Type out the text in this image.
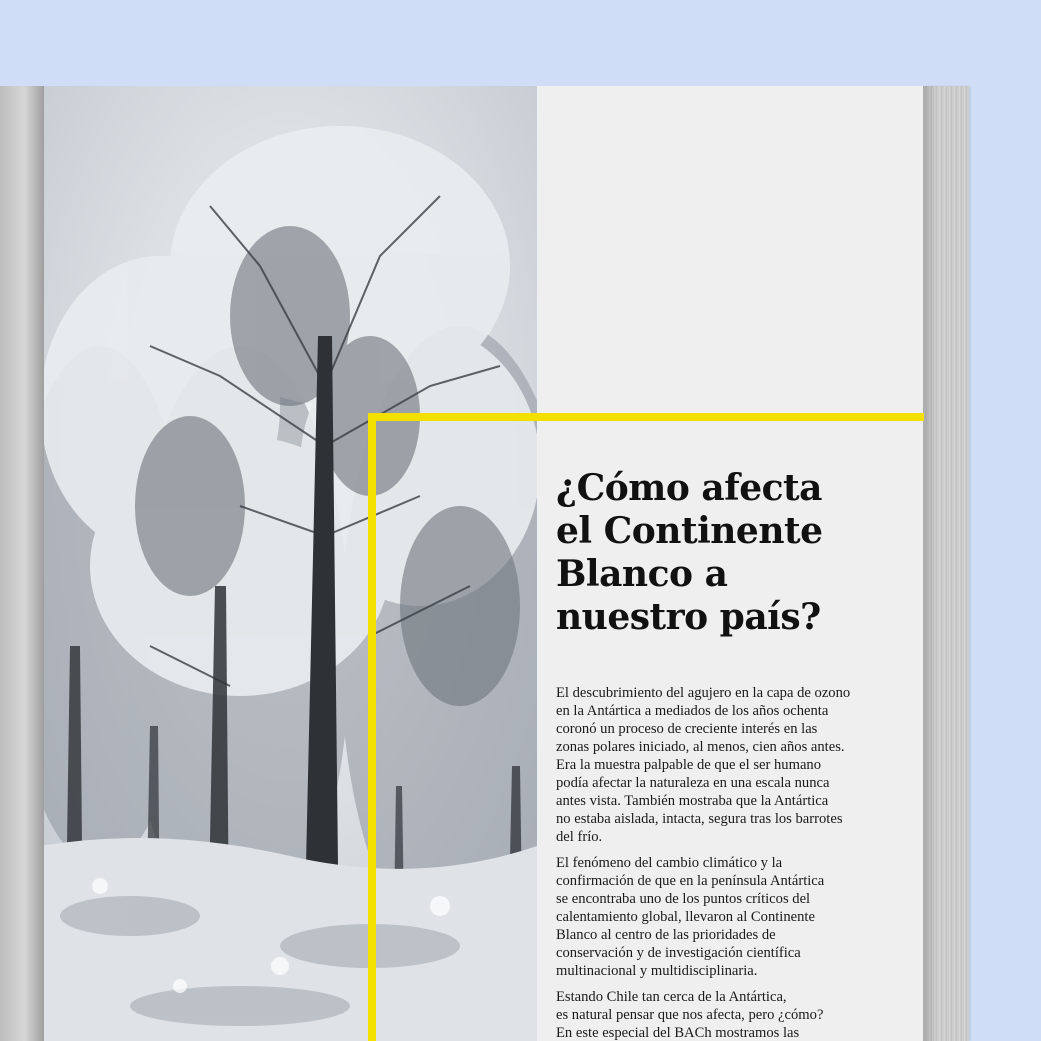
¿Cómo afecta
el Continente
Blanco a
nuestro país?

El descubrimiento del agujero en la capa de ozono
en la Antártica a mediados de los años ochenta
coronó un proceso de creciente interés en las
zonas polares iniciado, al menos, cien años antes.
Era la muestra palpable de que el ser humano
podía afectar la naturaleza en una escala nunca
antes vista. También mostraba que la Antártica
no estaba aislada, intacta, segura tras los barrotes
del frío.

El fenómeno del cambio climático y la
confirmación de que en la península Antártica
se encontraba uno de los puntos críticos del
calentamiento global, llevaron al Continente
Blanco al centro de las prioridades de
conservación y de investigación científica
multinacional y multidisciplinaria.

Estando Chile tan cerca de la Antártica,
es natural pensar que nos afecta, pero ¿cómo?
En este especial del BACh mostramos las
